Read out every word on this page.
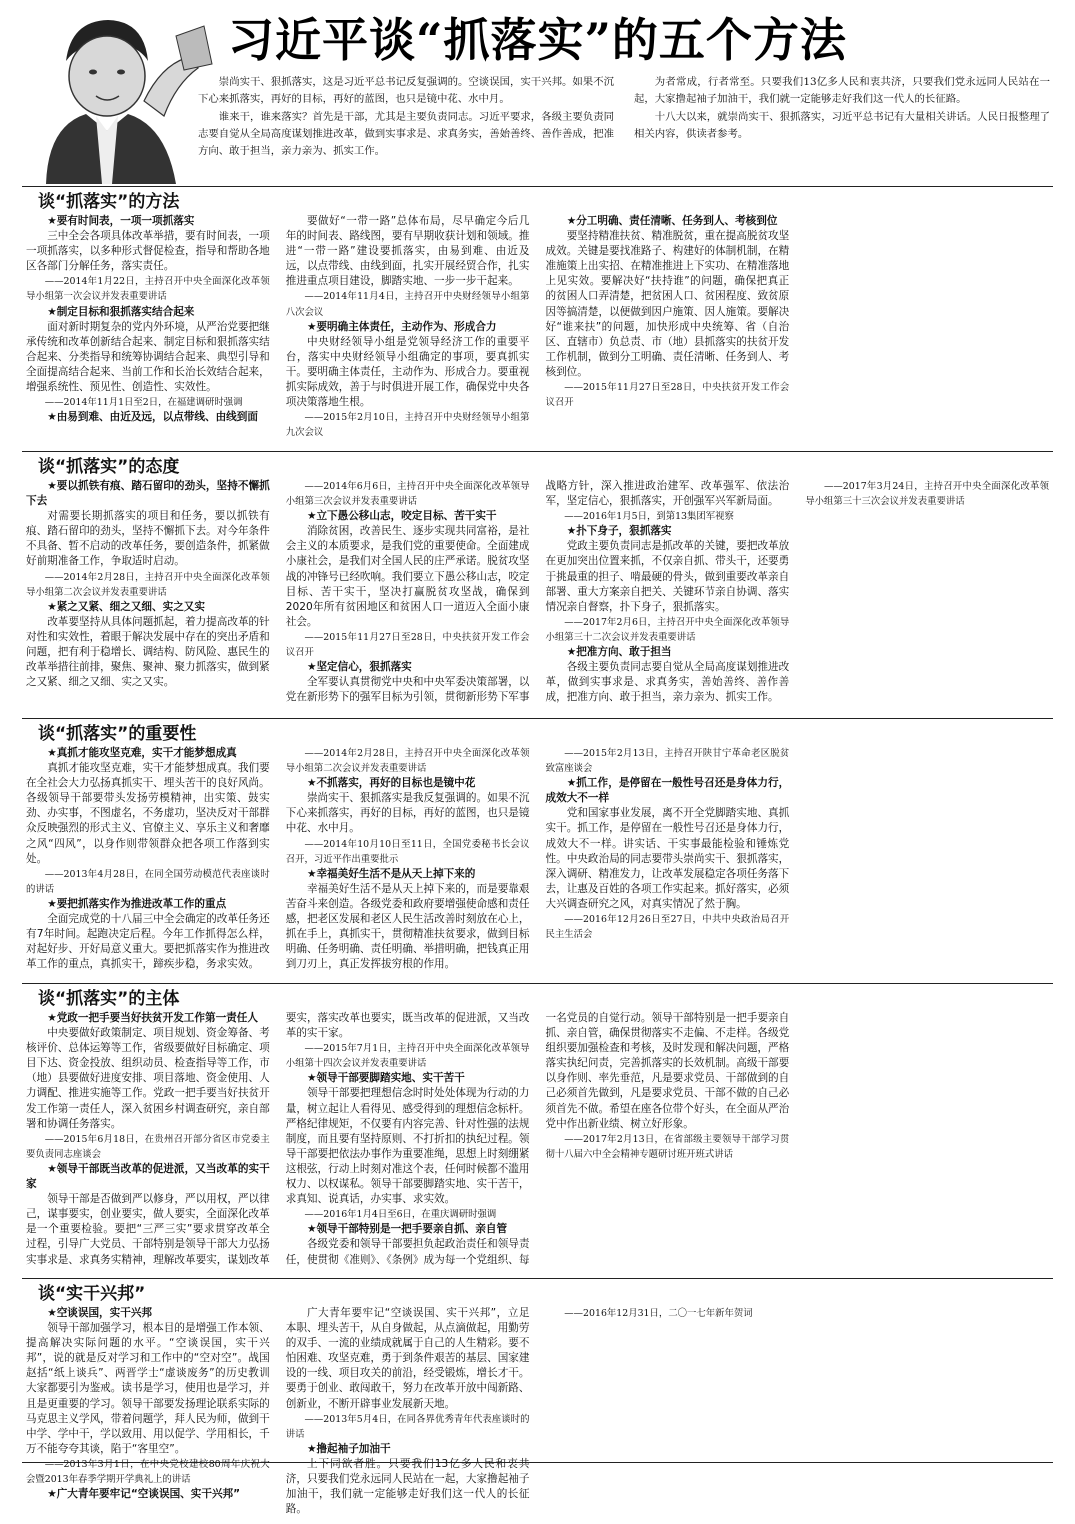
习近平谈“抓落实”的五个方法

崇尚实干、狠抓落实，这是习近平总书记反复强调的。空谈误国，实干兴邦。如果不沉下心来抓落实，再好的目标，再好的蓝图，也只是镜中花、水中月。

谁来干，谁来落实？首先是干部，尤其是主要负责同志。习近平要求，各级主要负责同志要自觉从全局高度谋划推进改革，做到实事求是、求真务实，善始善终、善作善成，把准方向、敢于担当，亲力亲为、抓实工作。

为者常成，行者常至。只要我们13亿多人民和衷共济，只要我们党永远同人民站在一起，大家撸起袖子加油干，我们就一定能够走好我们这一代人的长征路。

十八大以来，就崇尚实干、狠抓落实，习近平总书记有大量相关讲话。人民日报整理了相关内容，供读者参考。

谈“抓落实”的方法

★ 要有时间表，一项一项抓落实

三中全会各项具体改革举措，要有时间表，一项一项抓落实，以多种形式督促检查，指导和帮助各地区各部门分解任务，落实责任。

——2014年1月22日，主持召开中央全面深化改革领导小组第一次会议并发表重要讲话

★ 制定目标和狠抓落实结合起来

面对新时期复杂的党内外环境，从严治党要把继承传统和改革创新结合起来、制定目标和狠抓落实结合起来、分类指导和统筹协调结合起来、典型引导和全面提高结合起来、当前工作和长治长效结合起来，增强系统性、预见性、创造性、实效性。

——2014年11月1日至2日，在福建调研时强调

★ 由易到难、由近及远，以点带线、由线到面

要做好“一带一路”总体布局，尽早确定今后几年的时间表、路线图，要有早期收获计划和领域。推进“一带一路”建设要抓落实，由易到难、由近及远，以点带线、由线到面，扎实开展经贸合作，扎实推进重点项目建设，脚踏实地、一步一步干起来。

——2014年11月4日，主持召开中央财经领导小组第八次会议

★ 要明确主体责任，主动作为、形成合力

中央财经领导小组是党领导经济工作的重要平台，落实中央财经领导小组确定的事项，要真抓实干。要明确主体责任，主动作为、形成合力。要重视抓实际成效，善于与时俱进开展工作，确保党中央各项决策落地生根。

——2015年2月10日，主持召开中央财经领导小组第九次会议

★ 分工明确、责任清晰、任务到人、考核到位

要坚持精准扶贫、精准脱贫，重在提高脱贫攻坚成效。关键是要找准路子、构建好的体制机制，在精准施策上出实招、在精准推进上下实功、在精准落地上见实效。要解决好“扶持谁”的问题，确保把真正的贫困人口弄清楚，把贫困人口、贫困程度、致贫原因等搞清楚，以便做到因户施策、因人施策。要解决好“谁来扶”的问题，加快形成中央统筹、省（自治区、直辖市）负总责、市（地）县抓落实的扶贫开发工作机制，做到分工明确、责任清晰、任务到人、考核到位。

——2015年11月27日至28日，中央扶贫开发工作会议召开

谈“抓落实”的态度

★ 要以抓铁有痕、踏石留印的劲头，坚持不懈抓下去

对需要长期抓落实的项目和任务，要以抓铁有痕、踏石留印的劲头，坚持不懈抓下去。对今年条件不具备、暂不启动的改革任务，要创造条件，抓紧做好前期准备工作，争取适时启动。

——2014年2月28日，主持召开中央全面深化改革领导小组第二次会议并发表重要讲话

★ 紧之又紧、细之又细、实之又实

改革要坚持从具体问题抓起，着力提高改革的针对性和实效性，着眼于解决发展中存在的突出矛盾和问题，把有利于稳增长、调结构、防风险、惠民生的改革举措往前排，聚焦、聚神、聚力抓落实，做到紧之又紧、细之又细、实之又实。

——2014年6月6日，主持召开中央全面深化改革领导小组第三次会议并发表重要讲话

★ 立下愚公移山志，咬定目标、苦干实干

消除贫困，改善民生、逐步实现共同富裕，是社会主义的本质要求，是我们党的重要使命。全面建成小康社会，是我们对全国人民的庄严承诺。脱贫攻坚战的冲锋号已经吹响。我们要立下愚公移山志，咬定目标、苦干实干，坚决打赢脱贫攻坚战，确保到2020年所有贫困地区和贫困人口一道迈入全面小康社会。

——2015年11月27日至28日，中央扶贫开发工作会议召开

★ 坚定信心，狠抓落实

全军要认真贯彻党中央和中央军委决策部署，以党在新形势下的强军目标为引领，贯彻新形势下军事战略方针，深入推进政治建军、改革强军、依法治军，坚定信心，狠抓落实，开创强军兴军新局面。

——2016年1月5日，到第13集团军视察

★ 扑下身子，狠抓落实

党政主要负责同志是抓改革的关键，要把改革放在更加突出位置来抓，不仅亲自抓、带头干，还要勇于挑最重的担子、啃最硬的骨头，做到重要改革亲自部署、重大方案亲自把关、关键环节亲自协调、落实情况亲自督察，扑下身子，狠抓落实。

——2017年2月6日，主持召开中央全面深化改革领导小组第三十二次会议并发表重要讲话

★ 把准方向、敢于担当

各级主要负责同志要自觉从全局高度谋划推进改革，做到实事求是、求真务实，善始善终、善作善成，把准方向、敢于担当，亲力亲为、抓实工作。

——2017年3月24日，主持召开中央全面深化改革领导小组第三十三次会议并发表重要讲话

谈“抓落实”的重要性

★ 真抓才能攻坚克难，实干才能梦想成真

真抓才能攻坚克难，实干才能梦想成真。我们要在全社会大力弘扬真抓实干、埋头苦干的良好风尚。各级领导干部要带头发扬劳模精神，出实策、鼓实劲、办实事，不图虚名，不务虚功，坚决反对干部群众反映强烈的形式主义、官僚主义、享乐主义和奢靡之风“四风”，以身作则带领群众把各项工作落到实处。

——2013年4月28日，在同全国劳动模范代表座谈时的讲话

★ 要把抓落实作为推进改革工作的重点

全面完成党的十八届三中全会确定的改革任务还有7年时间。起跑决定后程。今年工作抓得怎么样，对起好步、开好局意义重大。要把抓落实作为推进改革工作的重点，真抓实干，蹄疾步稳，务求实效。

——2014年2月28日，主持召开中央全面深化改革领导小组第二次会议并发表重要讲话

★ 不抓落实，再好的目标也是镜中花

崇尚实干、狠抓落实是我反复强调的。如果不沉下心来抓落实，再好的目标，再好的蓝图，也只是镜中花、水中月。

——2014年10月10日至11日，全国党委秘书长会议召开，习近平作出重要批示

★ 幸福美好生活不是从天上掉下来的

幸福美好生活不是从天上掉下来的，而是要靠艰苦奋斗来创造。各级党委和政府要增强使命感和责任感，把老区发展和老区人民生活改善时刻放在心上，抓在手上，真抓实干，贯彻精准扶贫要求，做到目标明确、任务明确、责任明确、举措明确，把钱真正用到刀刃上，真正发挥拔穷根的作用。

——2015年2月13日，主持召开陕甘宁革命老区脱贫致富座谈会

★ 抓工作，是停留在一般性号召还是身体力行，成效大不一样

党和国家事业发展，离不开全党脚踏实地、真抓实干。抓工作，是停留在一般性号召还是身体力行，成效大不一样。讲实话、干实事最能检验和锤炼党性。中央政治局的同志要带头崇尚实干、狠抓落实，深入调研、精准发力，让改革发展稳定各项任务落下去，让惠及百姓的各项工作实起来。抓好落实，必须大兴调查研究之风，对真实情况了然于胸。

——2016年12月26日至27日，中共中央政治局召开民主生活会

谈“抓落实”的主体

★ 党政一把手要当好扶贫开发工作第一责任人

中央要做好政策制定、项目规划、资金筹备、考核评价、总体运筹等工作，省级要做好目标确定、项目下达、资金投放、组织动员、检查指导等工作，市（地）县要做好进度安排、项目落地、资金使用、人力调配、推进实施等工作。党政一把手要当好扶贫开发工作第一责任人，深入贫困乡村调查研究，亲自部署和协调任务落实。

——2015年6月18日，在贵州召开部分省区市党委主要负责同志座谈会

★ 领导干部既当改革的促进派，又当改革的实干家

领导干部是否做到严以修身，严以用权，严以律己，谋事要实，创业要实，做人要实，全面深化改革是一个重要检验。要把“三严三实”要求贯穿改革全过程，引导广大党员、干部特别是领导干部大力弘扬实事求是、求真务实精神，理解改革要实，谋划改革要实，落实改革也要实，既当改革的促进派，又当改革的实干家。

——2015年7月1日，主持召开中央全面深化改革领导小组第十四次会议并发表重要讲话

★ 领导干部要脚踏实地、实干苦干

领导干部要把理想信念时时处处体现为行动的力量，树立起让人看得见、感受得到的理想信念标杆。严格纪律规矩，不仅要有内容完善、针对性强的法规制度，而且要有坚持原则、不打折扣的执纪过程。领导干部要把依法办事作为重要准绳，思想上时刻绷紧这根弦，行动上时刻对准这个表，任何时候都不滥用权力、以权谋私。领导干部要脚踏实地、实干苦干，求真知、说真话，办实事、求实效。

——2016年1月4日至6日，在重庆调研时强调

★ 领导干部特别是一把手要亲自抓、亲自管

各级党委和领导干部要担负起政治责任和领导责任，使贯彻《准则》、《条例》成为每一个党组织、每一名党员的自觉行动。领导干部特别是一把手要亲自抓、亲自管，确保贯彻落实不走偏、不走样。各级党组织要加强检查和考核，及时发现和解决问题，严格落实执纪问责，完善抓落实的长效机制。高级干部要以身作则、率先垂范，凡是要求党员、干部做到的自己必须首先做到，凡是要求党员、干部不做的自己必须首先不做。希望在座各位带个好头，在全面从严治党中作出新业绩、树立好形象。

——2017年2月13日，在省部级主要领导干部学习贯彻十八届六中全会精神专题研讨班开班式讲话

谈“实干兴邦”

★ 空谈误国，实干兴邦

领导干部加强学习，根本目的是增强工作本领、提高解决实际问题的水平。“空谈误国，实干兴邦”，说的就是反对学习和工作中的“空对空”。战国赵括“纸上谈兵”、两晋学士“虚谈废务”的历史教训大家都要引为鉴戒。读书是学习，使用也是学习，并且是更重要的学习。领导干部要发扬理论联系实际的马克思主义学风，带着问题学，拜人民为师，做到干中学、学中干，学以致用、用以促学、学用相长，千万不能夸夸其谈，陷于“客里空”。

——2013年3月1日，在中央党校建校80周年庆祝大会暨2013年春季学期开学典礼上的讲话

★ 广大青年要牢记“空谈误国、实干兴邦”

广大青年要牢记“空谈误国、实干兴邦”，立足本职、埋头苦干，从自身做起，从点滴做起，用勤劳的双手、一流的业绩成就属于自己的人生精彩。要不怕困难、攻坚克难，勇于到条件艰苦的基层、国家建设的一线、项目攻关的前沿，经受锻炼，增长才干。要勇于创业、敢闯敢干，努力在改革开放中闯新路、创新业，不断开辟事业发展新天地。

——2013年5月4日，在同各界优秀青年代表座谈时的讲话

★ 撸起袖子加油干

上下同欲者胜。只要我们13亿多人民和衷共济，只要我们党永远同人民站在一起，大家撸起袖子加油干，我们就一定能够走好我们这一代人的长征路。

——2016年12月31日，二〇一七年新年贺词
